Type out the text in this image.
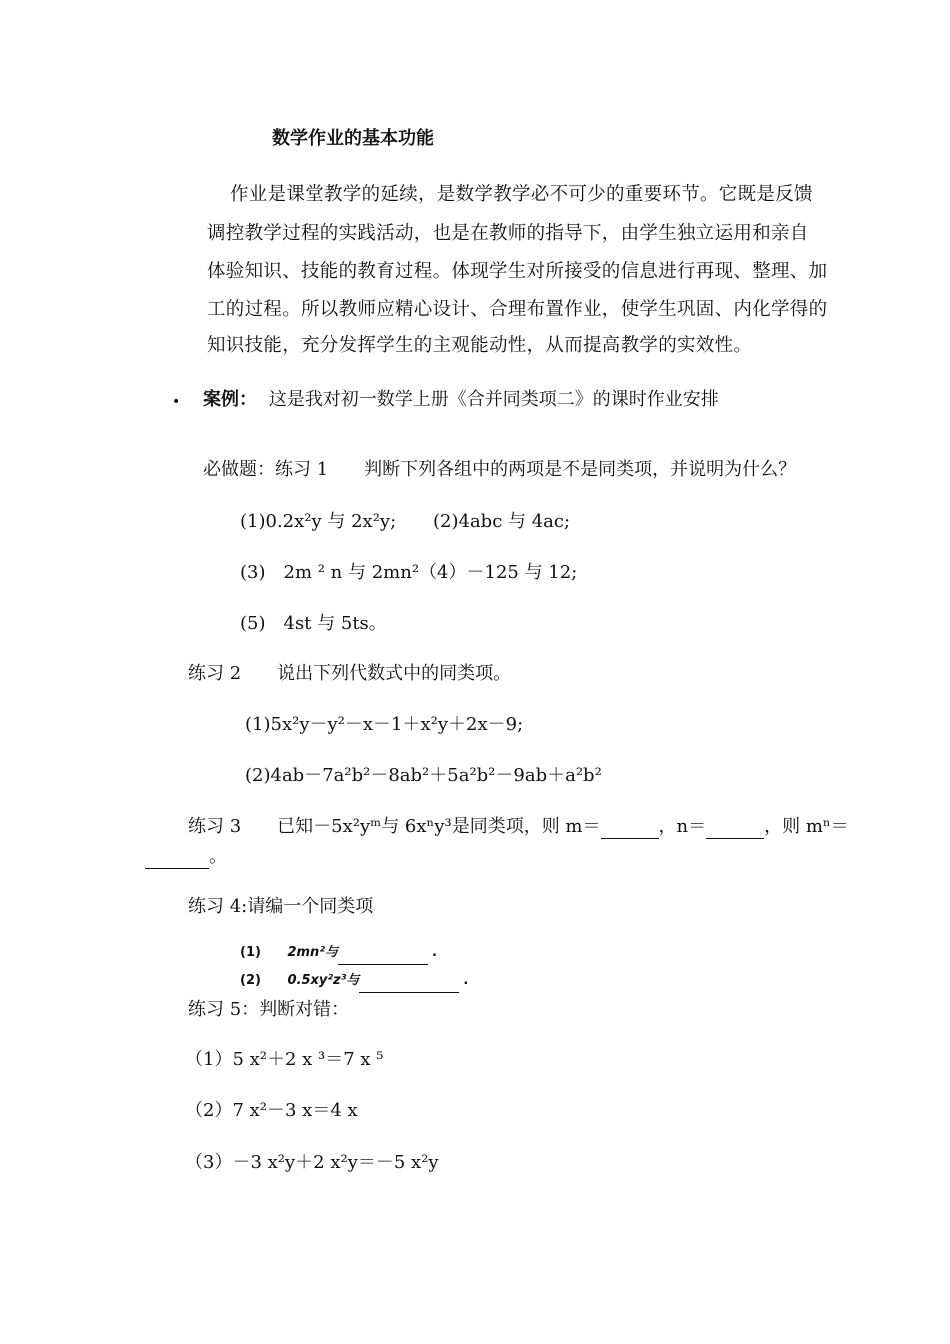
数学作业的基本功能
作业是课堂教学的延续，是数学教学必不可少的重要环节。它既是反馈
调控教学过程的实践活动，也是在教师的指导下，由学生独立运用和亲自
体验知识、技能的教育过程。体现学生对所接受的信息进行再现、整理、加
工的过程。所以教师应精心设计、合理布置作业，使学生巩固、内化学得的
知识技能，充分发挥学生的主观能动性，从而提高教学的实效性。
• 案例： 这是我对初一数学上册《合并同类项二》的课时作业安排
必做题：练习 1　　判断下列各组中的两项是不是同类项，并说明为什么？
(1)0.2x²y 与 2x²y; (2)4abc 与 4ac;
(3)　2m ² n 与 2mn²（4）－125 与 12;
(5)　4st 与 5ts。
练习 2　　说出下列代数式中的同类项。
(1)5x²y－y²－x－1＋x²y＋2x－9;
(2)4ab－7a²b²－8ab²＋5a²b²－9ab＋a²b²
练习 3　　已知－5x²yᵐ与 6xⁿy³是同类项，则 m＝	，n＝	，则 mⁿ＝
。
练习 4:请编一个同类项
(1) 2mn²与	.
(2) 0.5xy²z³与	.
练习 5：判断对错：
（1）5 x²＋2 x ³＝7 x ⁵
（2）7 x²－3 x＝4 x
（3）－3 x²y＋2 x²y＝－5 x²y
